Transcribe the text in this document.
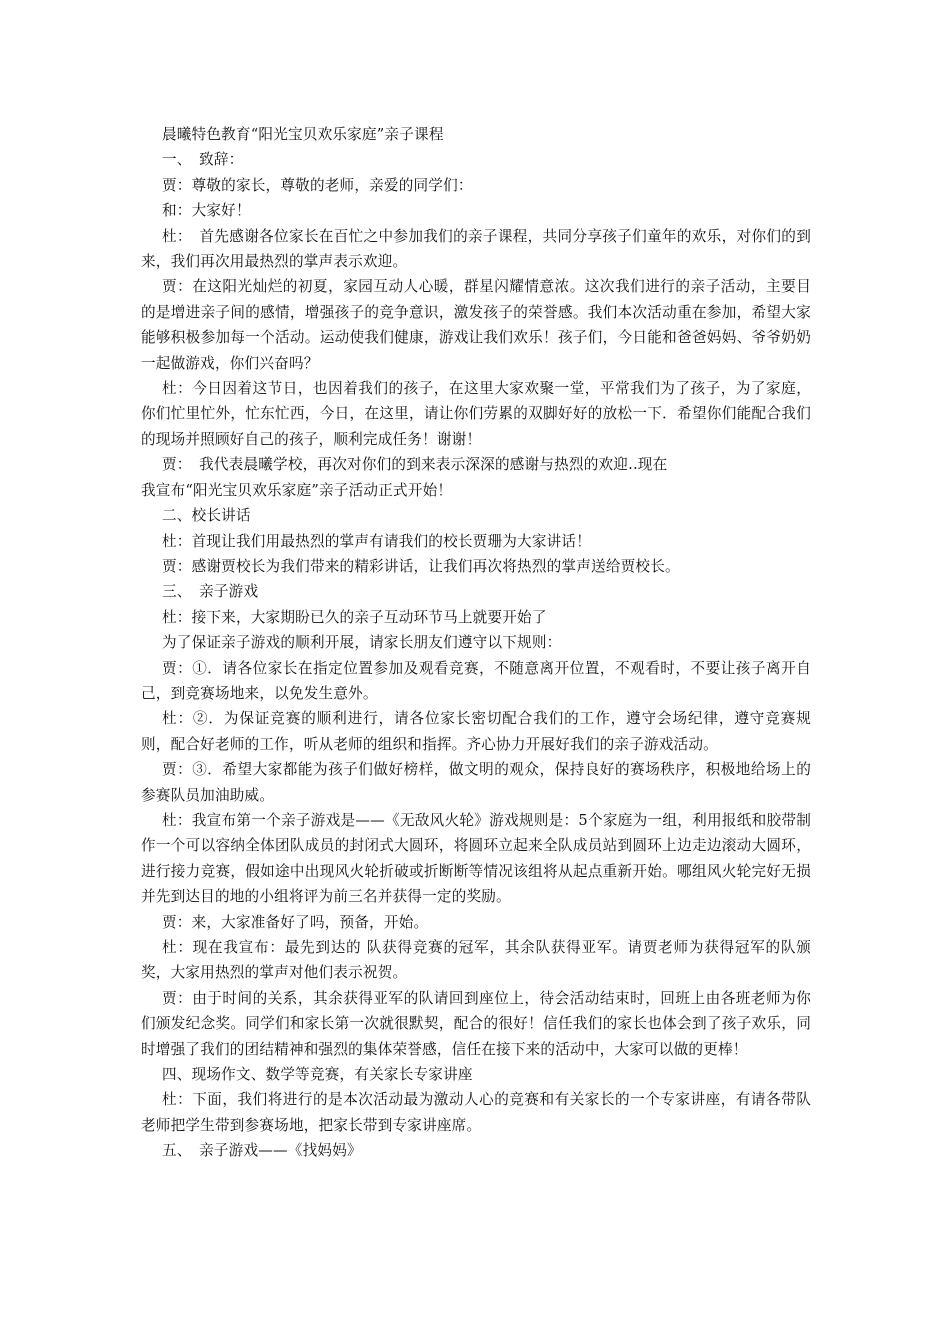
晨曦特色教育“阳光宝贝欢乐家庭”亲子课程

一、　致辞：

贾：尊敬的家长，尊敬的老师，亲爱的同学们：

和：大家好！

杜：　首先感谢各位家长在百忙之中参加我们的亲子课程，共同分享孩子们童年的欢乐，对你们的到来，我们再次用最热烈的掌声表示欢迎。

贾：在这阳光灿烂的初夏，家园互动人心暖，群星闪耀情意浓。这次我们进行的亲子活动，主要目的是增进亲子间的感情，增强孩子的竞争意识，激发孩子的荣誉感。我们本次活动重在参加，希望大家能够积极参加每一个活动。运动使我们健康，游戏让我们欢乐！孩子们，今日能和爸爸妈妈、爷爷奶奶一起做游戏，你们兴奋吗？

杜：今日因着这节日，也因着我们的孩子，在这里大家欢聚一堂，平常我们为了孩子，为了家庭，你们忙里忙外，忙东忙西，今日，在这里，请让你们劳累的双脚好好的放松一下．希望你们能配合我们的现场并照顾好自己的孩子，顺利完成任务！谢谢！

贾：　我代表晨曦学校，再次对你们的到来表示深深的感谢与热烈的欢迎..现在

我宣布“阳光宝贝欢乐家庭”亲子活动正式开始！

二、校长讲话

杜：首现让我们用最热烈的掌声有请我们的校长贾珊为大家讲话！

贾：感谢贾校长为我们带来的精彩讲话，让我们再次将热烈的掌声送给贾校长。

三、　亲子游戏

杜：接下来，大家期盼已久的亲子互动环节马上就要开始了

为了保证亲子游戏的顺利开展，请家长朋友们遵守以下规则：

贾：①．请各位家长在指定位置参加及观看竞赛，不随意离开位置，不观看时，不要让孩子离开自己，到竞赛场地来，以免发生意外。

杜：②．为保证竞赛的顺利进行，请各位家长密切配合我们的工作，遵守会场纪律，遵守竞赛规则，配合好老师的工作，听从老师的组织和指挥。齐心协力开展好我们的亲子游戏活动。

贾：③．希望大家都能为孩子们做好榜样，做文明的观众，保持良好的赛场秩序，积极地给场上的参赛队员加油助威。

杜：我宣布第一个亲子游戏是——《无敌风火轮》游戏规则是：5个家庭为一组，利用报纸和胶带制作一个可以容纳全体团队成员的封闭式大圆环，将圆环立起来全队成员站到圆环上边走边滚动大圆环，进行接力竞赛，假如途中出现风火轮折破或折断断等情况该组将从起点重新开始。哪组风火轮完好无损并先到达目的地的小组将评为前三名并获得一定的奖励。

贾：来，大家准备好了吗，预备，开始。

杜：现在我宣布：最先到达的 队获得竞赛的冠军，其余队获得亚军。请贾老师为获得冠军的队颁奖，大家用热烈的掌声对他们表示祝贺。

贾：由于时间的关系，其余获得亚军的队请回到座位上，待会活动结束时，回班上由各班老师为你们颁发纪念奖。同学们和家长第一次就很默契，配合的很好！信任我们的家长也体会到了孩子欢乐，同时增强了我们的团结精神和强烈的集体荣誉感，信任在接下来的活动中，大家可以做的更棒！

四、现场作文、数学等竞赛，有关家长专家讲座

杜：下面，我们将进行的是本次活动最为激动人心的竞赛和有关家长的一个专家讲座，有请各带队老师把学生带到参赛场地，把家长带到专家讲座席。

五、　亲子游戏——《找妈妈》
